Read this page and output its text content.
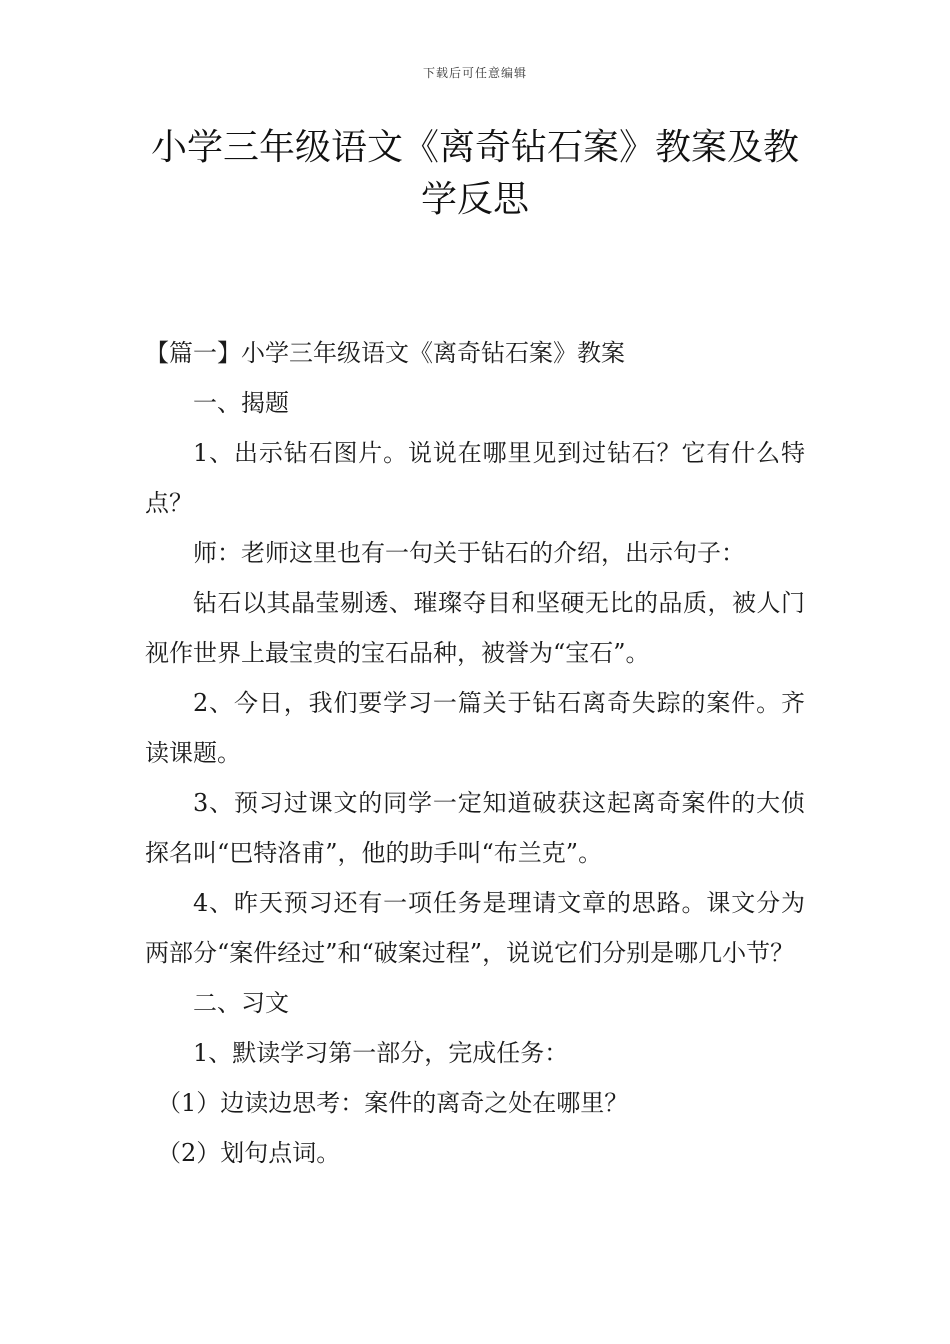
下载后可任意编辑
小学三年级语文《离奇钻石案》教案及教学反思

【篇一】小学三年级语文《离奇钻石案》教案

一、揭题

1、出示钻石图片。说说在哪里见到过钻石？它有什么特点？

师：老师这里也有一句关于钻石的介绍，出示句子：

钻石以其晶莹剔透、璀璨夺目和坚硬无比的品质，被人门视作世界上最宝贵的宝石品种，被誉为“宝石”。

2、今日，我们要学习一篇关于钻石离奇失踪的案件。齐读课题。

3、预习过课文的同学一定知道破获这起离奇案件的大侦探名叫“巴特洛甫”，他的助手叫“布兰克”。

4、昨天预习还有一项任务是理请文章的思路。课文分为两部分“案件经过”和“破案过程”，说说它们分别是哪几小节？

二、习文

1、默读学习第一部分，完成任务：

（1）边读边思考：案件的离奇之处在哪里？

（2）划句点词。
